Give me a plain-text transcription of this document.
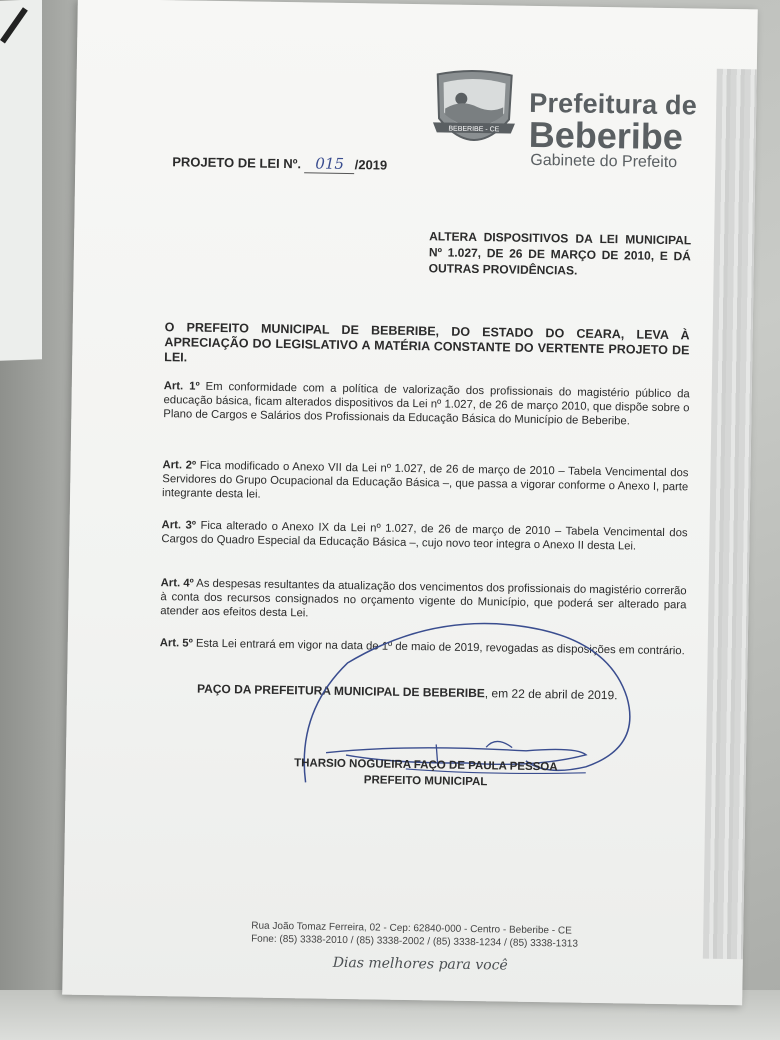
BEBERIBE - CE
Prefeitura de
Beberibe
Gabinete do Prefeito
PROJETO DE LEI Nº. 015 /2019
ALTERA DISPOSITIVOS DA LEI MUNICIPAL Nº 1.027, DE 26 DE MARÇO DE 2010, E DÁ OUTRAS PROVIDÊNCIAS.
O PREFEITO MUNICIPAL DE BEBERIBE, DO ESTADO DO CEARA, LEVA À APRECIAÇÃO DO LEGISLATIVO A MATÉRIA CONSTANTE DO VERTENTE PROJETO DE LEI.
Art. 1º Em conformidade com a política de valorização dos profissionais do magistério público da educação básica, ficam alterados dispositivos da Lei nº 1.027, de 26 de março 2010, que dispõe sobre o Plano de Cargos e Salários dos Profissionais da Educação Básica do Município de Beberibe.
Art. 2º Fica modificado o Anexo VII da Lei nº 1.027, de 26 de março de 2010 – Tabela Vencimental dos Servidores do Grupo Ocupacional da Educação Básica –, que passa a vigorar conforme o Anexo I, parte integrante desta lei.
Art. 3º Fica alterado o Anexo IX da Lei nº 1.027, de 26 de março de 2010 – Tabela Vencimental dos Cargos do Quadro Especial da Educação Básica –, cujo novo teor integra o Anexo II desta Lei.
Art. 4º As despesas resultantes da atualização dos vencimentos dos profissionais do magistério correrão à conta dos recursos consignados no orçamento vigente do Município, que poderá ser alterado para atender aos efeitos desta Lei.
Art. 5º Esta Lei entrará em vigor na data de 1º de maio de 2019, revogadas as disposições em contrário.
PAÇO DA PREFEITURA MUNICIPAL DE BEBERIBE, em 22 de abril de 2019.
THARSIO NOGUEIRA FAÇO DE PAULA PESSOA
PREFEITO MUNICIPAL
Rua João Tomaz Ferreira, 02 - Cep: 62840-000 - Centro - Beberibe - CE
Fone: (85) 3338-2010 / (85) 3338-2002 / (85) 3338-1234 / (85) 3338-1313
Dias melhores para você
